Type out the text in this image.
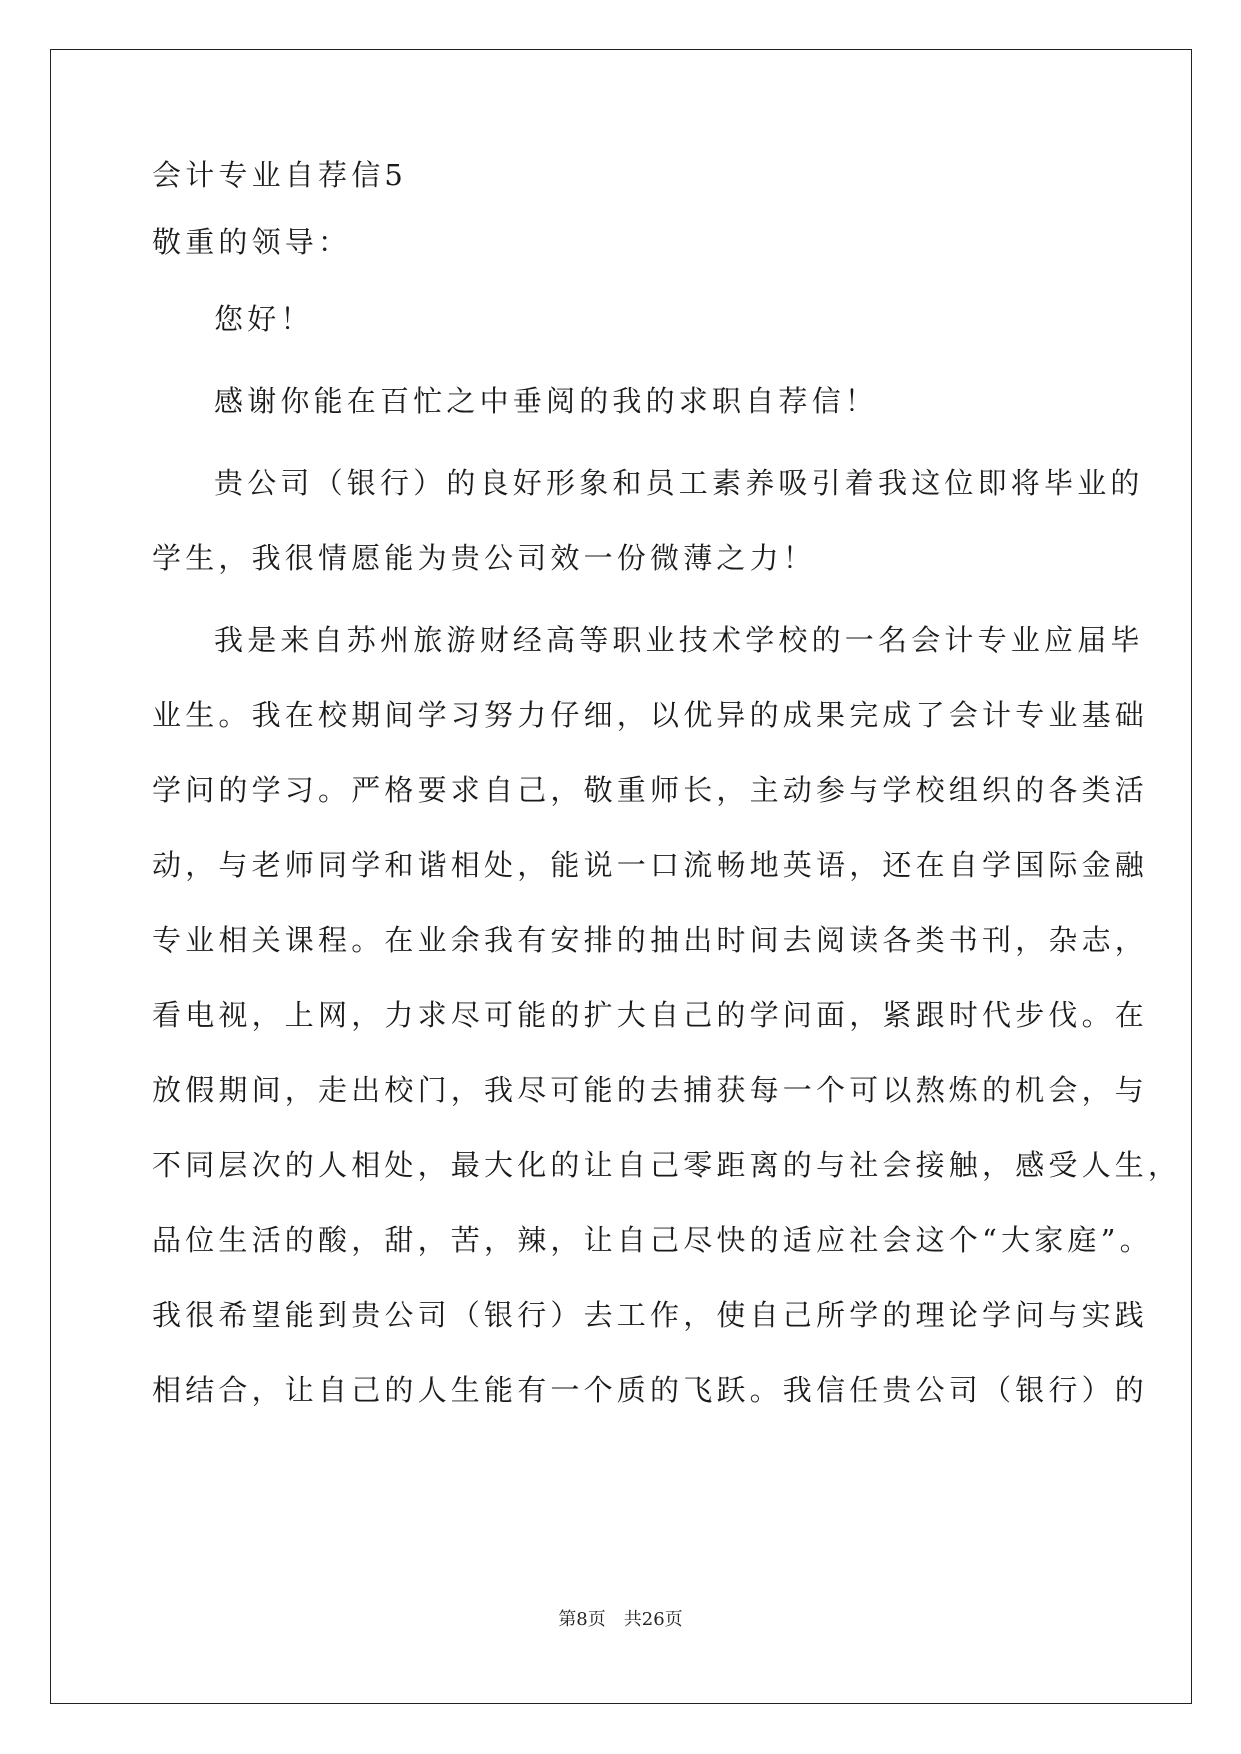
会计专业自荐信5
敬重的领导：
您好！
感谢你能在百忙之中垂阅的我的求职自荐信！
贵公司（银行）的良好形象和员工素养吸引着我这位即将毕业的
学生，我很情愿能为贵公司效一份微薄之力！
我是来自苏州旅游财经高等职业技术学校的一名会计专业应届毕
业生。我在校期间学习努力仔细，以优异的成果完成了会计专业基础
学问的学习。严格要求自己，敬重师长，主动参与学校组织的各类活
动，与老师同学和谐相处，能说一口流畅地英语，还在自学国际金融
专业相关课程。在业余我有安排的抽出时间去阅读各类书刊，杂志，
看电视，上网，力求尽可能的扩大自己的学问面，紧跟时代步伐。在
放假期间，走出校门，我尽可能的去捕获每一个可以熬炼的机会，与
不同层次的人相处，最大化的让自己零距离的与社会接触，感受人生，
品位生活的酸，甜，苦，辣，让自己尽快的适应社会这个“大家庭”。
我很希望能到贵公司（银行）去工作，使自己所学的理论学问与实践
相结合，让自己的人生能有一个质的飞跃。我信任贵公司（银行）的
第8页　共26页
